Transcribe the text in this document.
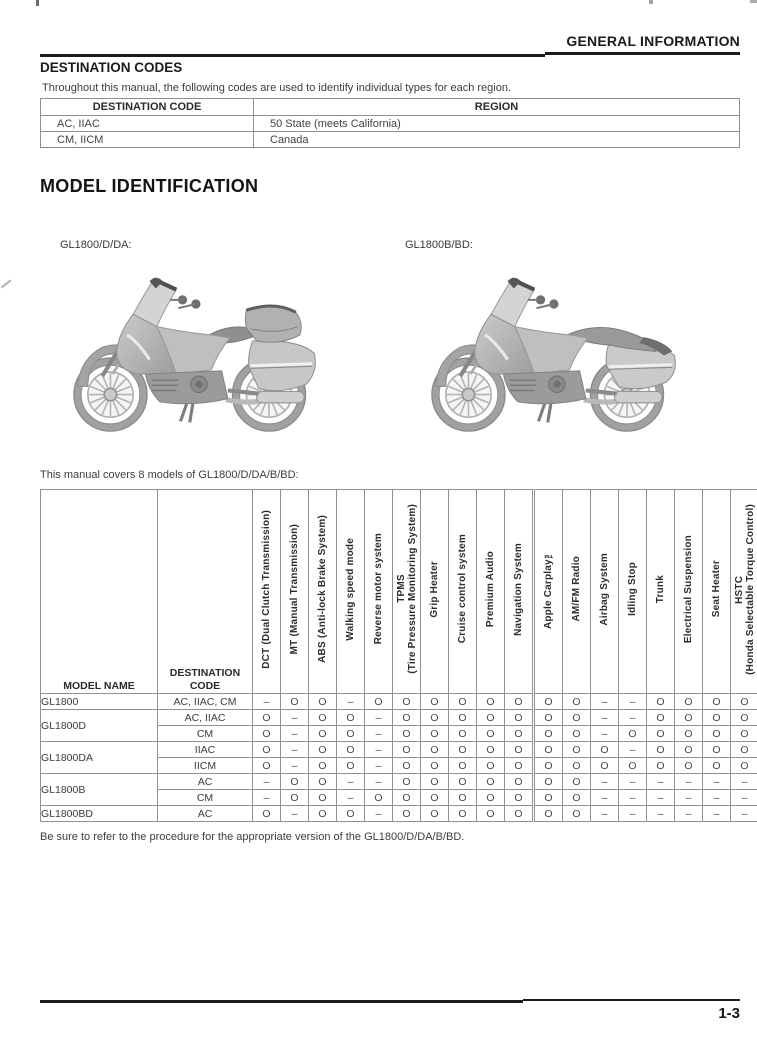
GENERAL INFORMATION
DESTINATION CODES

Throughout this manual, the following codes are used to identify individual types for each region.

DESTINATION CODE	REGION
AC, IIAC	50 State (meets California)
CM, IICM	Canada
MODEL IDENTIFICATION
GL1800/D/DA:	GL1800B/BD:

This manual covers 8 models of GL1800/D/DA/B/BD:

MODEL NAME	DESTINATION CODE	
DCT (Dual Clutch Transmission)	MT (Manual Transmission)	ABS (Anti-lock Brake System)	Walking speed mode	Reverse motor system	TPMS (Tire Pressure Monitoring System)	Grip Heater	Cruise control system	Premium Audio	Navigation System	Apple Carplay™	AM/FM Radio	Airbag System	Idling Stop	Trunk	Electrical Suspension	Seat Heater	HSTC (Honda Selectable Torque Control)

GL1800	AC, IIAC, CM	–	O	O	–	O	O	O	O	O	O	O	O	–	–	O	O	O	O
GL1800D	AC, IIAC	O	–	O	O	–	O	O	O	O	O	O	O	–	–	O	O	O	O
	CM	O	–	O	O	–	O	O	O	O	O	O	O	–	O	O	O	O	O
GL1800DA	IIAC	O	–	O	O	–	O	O	O	O	O	O	O	O	–	O	O	O	O
	IICM	O	–	O	O	–	O	O	O	O	O	O	O	O	O	O	O	O	O
GL1800B	AC	–	O	O	–	–	O	O	O	O	O	O	O	–	–	–	–	–	–
	CM	–	O	O	–	O	O	O	O	O	O	O	O	–	–	–	–	–	–
GL1800BD	AC	O	–	O	O	–	O	O	O	O	O	O	O	–	–	–	–	–	–

Be sure to refer to the procedure for the appropriate version of the GL1800/D/DA/B/BD.

1-3
